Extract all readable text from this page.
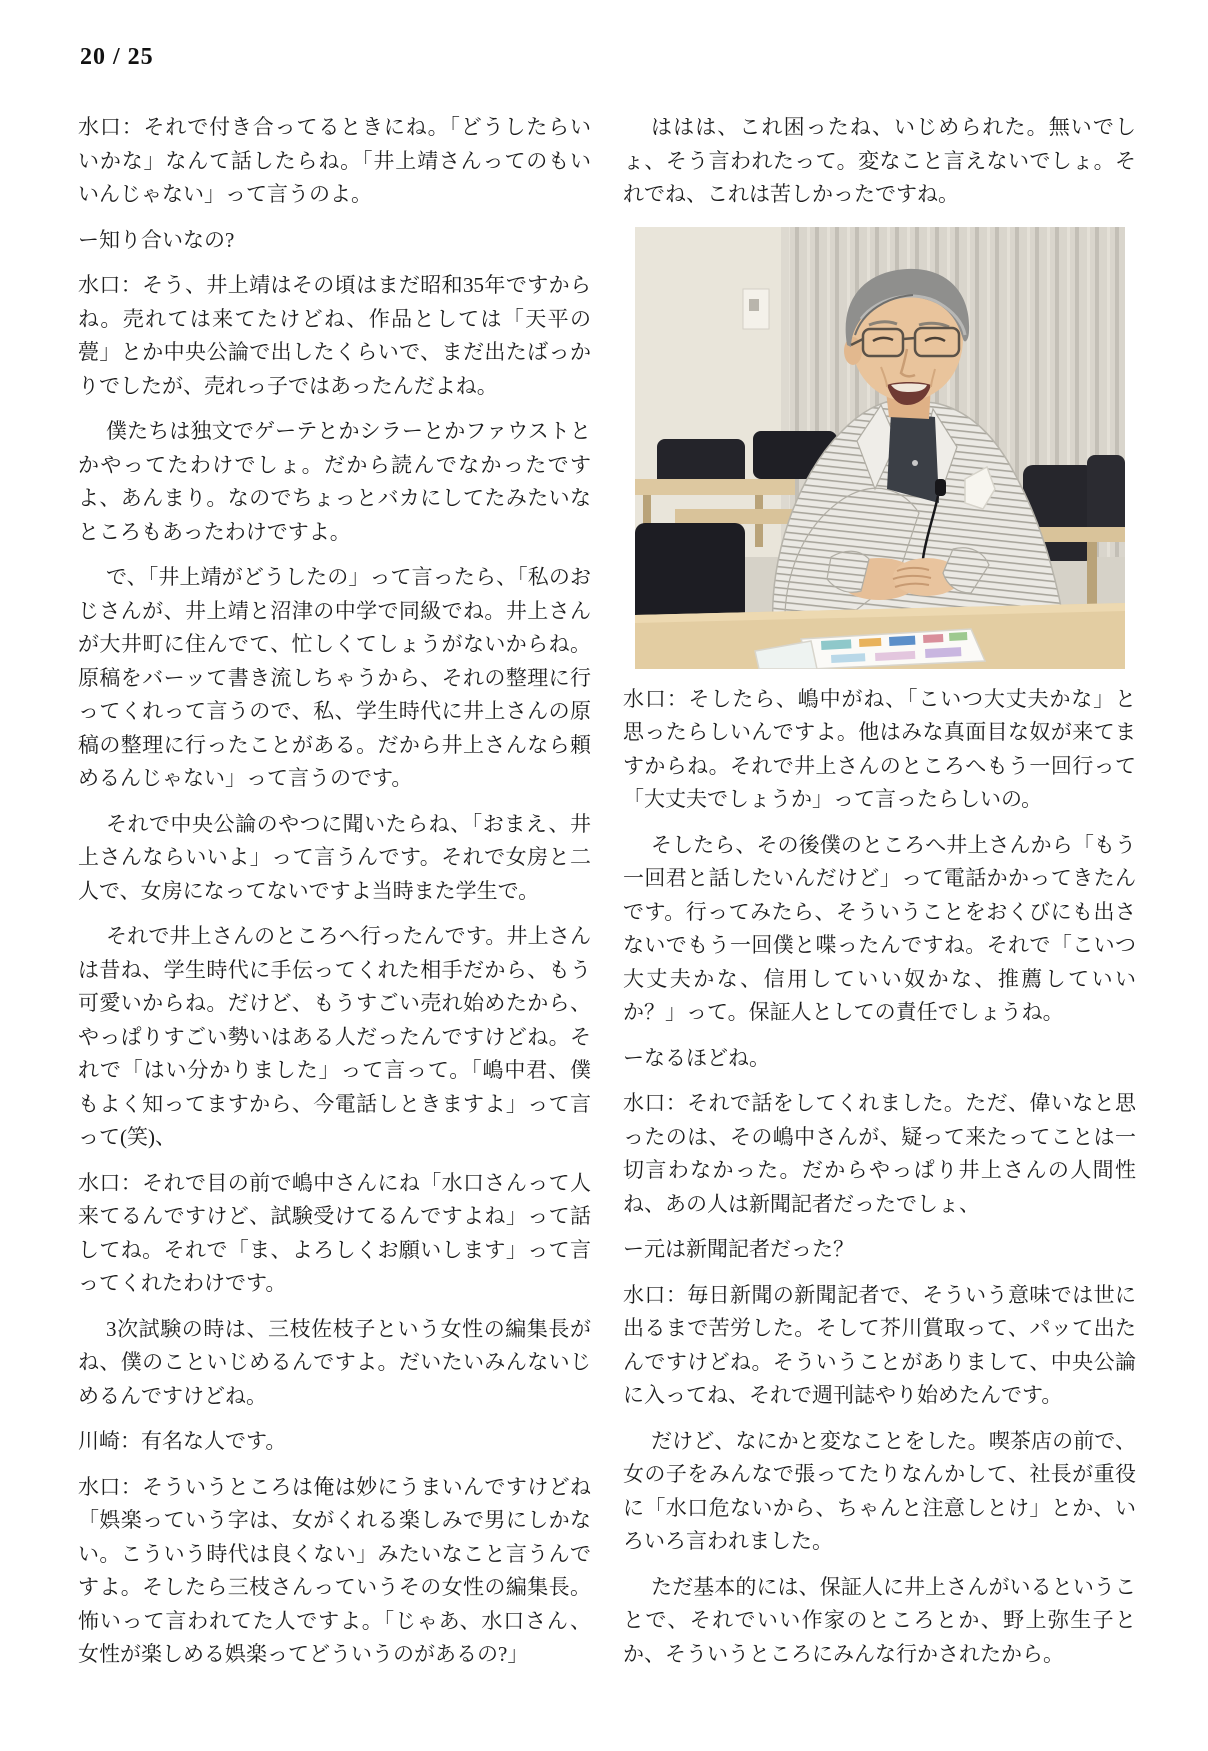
20 / 25

水口：それで付き合ってるときにね。「どうしたらいいかな」なんて話したらね。「井上靖さんってのもいいんじゃない」って言うのよ。

ー知り合いなの?

水口：そう、井上靖はその頃はまだ昭和35年ですからね。売れては来てたけどね、作品としては「天平の甍」とか中央公論で出したくらいで、まだ出たばっかりでしたが、売れっ子ではあったんだよね。

僕たちは独文でゲーテとかシラーとかファウストとかやってたわけでしょ。だから読んでなかったですよ、あんまり。なのでちょっとバカにしてたみたいなところもあったわけですよ。

で、「井上靖がどうしたの」って言ったら、「私のおじさんが、井上靖と沼津の中学で同級でね。井上さんが大井町に住んでて、忙しくてしょうがないからね。原稿をバーッて書き流しちゃうから、それの整理に行ってくれって言うので、私、学生時代に井上さんの原稿の整理に行ったことがある。だから井上さんなら頼めるんじゃない」って言うのです。

それで中央公論のやつに聞いたらね、「おまえ、井上さんならいいよ」って言うんです。それで女房と二人で、女房になってないですよ当時また学生で。

それで井上さんのところへ行ったんです。井上さんは昔ね、学生時代に手伝ってくれた相手だから、もう可愛いからね。だけど、もうすごい売れ始めたから、やっぱりすごい勢いはある人だったんですけどね。それで「はい分かりました」って言って。「嶋中君、僕もよく知ってますから、今電話しときますよ」って言って(笑)、

水口：それで目の前で嶋中さんにね「水口さんって人来てるんですけど、試験受けてるんですよね」って話してね。それで「ま、よろしくお願いします」って言ってくれたわけです。

3次試験の時は、三枝佐枝子という女性の編集長がね、僕のこといじめるんですよ。だいたいみんないじめるんですけどね。

川崎：有名な人です。

水口：そういうところは俺は妙にうまいんですけどね「娯楽っていう字は、女がくれる楽しみで男にしかない。こういう時代は良くない」みたいなこと言うんですよ。そしたら三枝さんっていうその女性の編集長。怖いって言われてた人ですよ。「じゃあ、水口さん、女性が楽しめる娯楽ってどういうのがあるの?」

ははは、これ困ったね、いじめられた。無いでしょ、そう言われたって。変なこと言えないでしょ。それでね、これは苦しかったですね。

水口：そしたら、嶋中がね、「こいつ大丈夫かな」と思ったらしいんですよ。他はみな真面目な奴が来てますからね。それで井上さんのところへもう一回行って「大丈夫でしょうか」って言ったらしいの。

そしたら、その後僕のところへ井上さんから「もう一回君と話したいんだけど」って電話かかってきたんです。行ってみたら、そういうことをおくびにも出さないでもう一回僕と喋ったんですね。それで「こいつ大丈夫かな、信用していい奴かな、推薦していいか？」って。保証人としての責任でしょうね。

ーなるほどね。

水口：それで話をしてくれました。ただ、偉いなと思ったのは、その嶋中さんが、疑って来たってことは一切言わなかった。だからやっぱり井上さんの人間性ね、あの人は新聞記者だったでしょ、

ー元は新聞記者だった？

水口：毎日新聞の新聞記者で、そういう意味では世に出るまで苦労した。そして芥川賞取って、パッて出たんですけどね。そういうことがありまして、中央公論に入ってね、それで週刊誌やり始めたんです。

だけど、なにかと変なことをした。喫茶店の前で、女の子をみんなで張ってたりなんかして、社長が重役に「水口危ないから、ちゃんと注意しとけ」とか、いろいろ言われました。

ただ基本的には、保証人に井上さんがいるということで、それでいい作家のところとか、野上弥生子とか、そういうところにみんな行かされたから。
